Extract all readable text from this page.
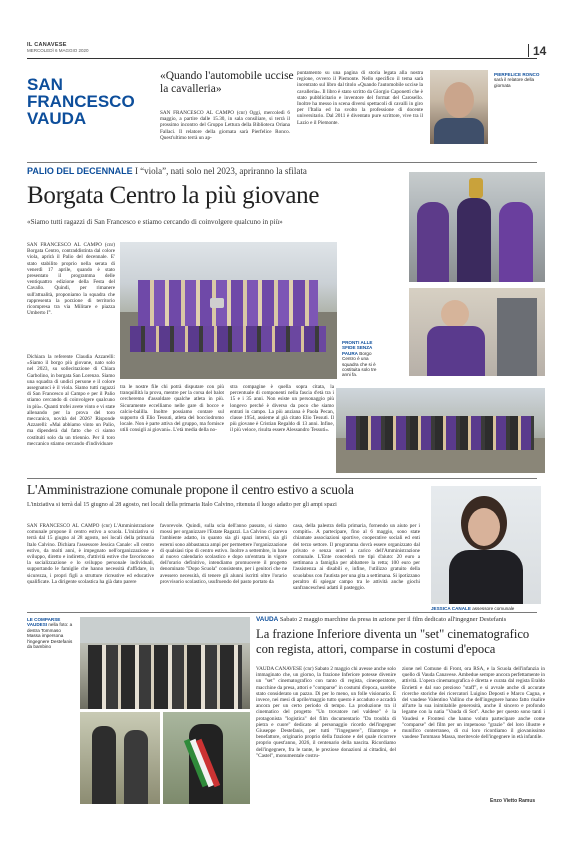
IL CANAVESE
MERCOLEDÌ 6 MAGGIO 2020	14
SAN
FRANCESCO
VAUDA
«Quando l'automobile uccise la cavalleria»
SAN FRANCESCO AL CAMPO (cnr) Oggi, mercoledì 6 maggio, a partire dalle 15.30, in sala consiliare, si terrà il prossimo incontro del Gruppo Lettura della Biblioteca Oriana Fallaci. Il relatore della giornata sarà Pierfelice Ronco. Quest'ultimo terrà un ap-
puntamento su una pagina di storia legata alla nostra regione, ovvero il Piemonte. Nello specifico il tema sarà incentrato sul libro dal titolo «Quando l'automobile uccise la cavalleria». Il libro è stato scritto da Giorgio Caponetti che è stato pubblicitario e inventore del format del Carosello. Inoltre ha messo in scena diversi spettacoli di cavalli in giro per l'Italia ed ha svolto la professione di docente universitario. Dal 2011 è diventato pure scrittore, vive tra il Lazio e il Piemonte.
PIERFELICE RONCO sarà il relatore della giornata
PALIO DEL DECENNALE I “viola”, nati solo nel 2023, apriranno la sfilata
Borgata Centro la più giovane
«Siamo tutti ragazzi di San Francesco e stiamo cercando di coinvolgere qualcuno in più»
SAN FRANCESCO AL CAMPO (cnr) Borgata Centro, contraddistinta dal colore viola, aprirà il Palio del decennale. E' stato stabilito proprio nella serata di venerdì 17 aprile, quando è stato presentato il programma delle ventiquattro edizione della Festa del Cavallo. Quindi, per rimanere sull'attualità, proponiamo la squadra che rappresenta la porzione di territorio ricompresa tra via Militare e piazza Umberto I°.
Dichiara la referente Claudia Azzarelli: «Siamo il borgo più giovane, nato solo nel 2023, su sollecitazione di Chiara Garbolino, in borgata San Lorenzo. Siamo una squadra di undici persone e il colore assegnatoci è il viola. Siamo tutti ragazzi di San Francesco al Campo e per il Palio stiamo cercando di coinvolgere qualcuno in più». Quanti trofei avete vinto e vi state allenando per la prova del toro meccanico, novità del 2026? Risponde Azzarelli: «Mai abbiamo vinto un Palio, ma dipenderà dal fatto che ci siamo costituiti solo da un triennio. Per il toro meccanico stiamo cercando d'individuare
tra le nostre file chi potrà disputare con più tranquillità la prova, mentre per la corsa del balot cercheremo d'assoldare qualche atleta in più. Sicuramente eccelliamo nelle gare di bocce e calcio-balilla. Inoltre possiamo contare sul supporto di Elio Tessuti, atleta del bocciodromo locale. Non è parte attiva del gruppo, ma fornisce utili consigli ai giovani». L'età media della no-
stra compagine è quella sopra citata, la percentuale di componenti nella fascia d'età tra i 15 e i 35 anni. Non esiste un personaggio più longevo perché è diverso da poco che siamo entrati in campo. La più anziana è Paola Pecan, classe 1954, assieme al già citato Elio Tessuti. Il più giovane è Cristian Regaldo di 13 anni. Infine, il più veloce, risulta essere Alessandro Tessuti».
PRONTI ALLE SFIDE SENZA PAURA Borgo Centro è una squadra che si è costituita solo tre anni fa.
L'Amministrazione comunale propone il centro estivo a scuola
L'iniziativa si terrà dal 15 giugno al 28 agosto, nei locali della primaria Italo Calvino, ritenuta il luogo adatto per gli ampi spazi
SAN FRANCESCO AL CAMPO (cnr) L'Amministrazione comunale propone il centro estivo a scuola. L'iniziativa si terrà dal 15 giugno al 28 agosto, nei locali della primaria Italo Calvino. Dichiara l'assessore Jessica Canale: «Il centro estivo, da molti anni, è impegnato nell'organizzazione e sviluppo, diretto e indiretto, d'attività estive che favoriscono la socializzazione e lo sviluppo personale individuali, supportando le famiglie che hanno necessità d'affidare, in sicurezza, i propri figli a strutture ricreative ed educative qualificate. La dirigente scolastica ha già dato parere
favorevole. Quindi, sulla scia dell'anno passato, si siamo mossi per organizzare l'Estate Ragazzi. La Calvino ci pareva l'ambiente adatto, in quanto sia gli spazi interni, sia gli esterni sono abbastanza ampi per permettere l'organizzazione di qualsiasi tipo di centro estivo. Inoltre a settembre, in base al nuovo calendario scolastico e dopo un'entrata in vigore dell'orario definitivo, intendiamo promuovere il progetto denominato "Dopo Scuola" consistente, per i genitori che ne avessero necessità, di tenere gli alunni iscritti oltre l'orario provvisorio scolastico, usufruendo del pasto portato da
casa, della palestra della primaria, fornendo un aiuto per i compiti». A partecipare, fino al 6 maggio, sono state chiamate associazioni sportive, cooperative sociali ed enti del terzo settore. Il programma dovrà essere organizzato dal privato e senza oneri a carico dell'Amministrazione comunale. L'Ente concederà tre tipi d'aiuto: 20 euro a settimana a famiglia per abbattere la retta; 100 euro per l'assistenza ai disabili e, infine, l'utilizzo gratuito della scuolabus con l'autista per una gita a settimana. Si ipotizzano peraltro di spiegar campo tra le attività anche giochi sanfranceschesi adatti il pasteggio.
JESSICA CANALE assessore comunale
LE COMPARSE VAUDESI nella foto: a destra Tommaso Massa impersona l'ingegnere Destefanis da bambino
VAUDA Sabato 2 maggio marchine da presa in azione per il film dedicato all'ingegner Destefanis
La frazione Inferiore diventa un "set" cinematografico con regista, attori, comparse in costumi d'epoca
VAUDA CANAVESE (cnr) Sabato 2 maggio chi avesse anche solo immaginato che, un giorno, la frazione Inferiore potesse divenire un "set" cinematografico con tanto di regista, cineoperatore, macchine da presa, attori e "comparse" in costumi d'epoca, sarebbe stato considerato un pazzo. Di per lo meno, un folle visionario. E invece, nei mesi di aprile/maggio tutto questo è accaduto e accadrà ancora per un certo periodo di tempo. La produzione tra il cinematico del progetto "Un trovatore nel valdese" è la protagonista "logistica" del film documentario "Da troubla di pietra e cuore" dedicato al personaggio ricordo dell'ingegner Giuseppe Destefanis, per tutti "l'ingegnere", filantropo e benefattore, originario proprio della frazione e del quale ricorrere proprio quest'anno, 2026, il centenario della nascita. Ricordiamo dell'ingegnere, fra le tante, le preziose donazioni ai cittadini, del "Castel", monumentale costru-
zione nel Comune di Front, ora RSA, e la Scuola dell'infanzia in quello di Vauda Canavese. Ambedue sempre ancora perfettamente in attività. L'opera cinematografica è diretta e curata dal regista Eraldo Enrietti e dal suo prezioso "staff", e si avvale anche di accurate ricerche storiche dei ricercatori Luigino Deposti e Marco Cagna, e del vaudese Valentino Vallino che dell'ingegnere hanno fatto risalire all'arte la sua inimitabile generosità, anche il sincero e profondo legame con la natia "Vauda di Sot". Anche per questo sono tanti i Vaudesi e Frontesi che hanno voluto partecipare anche come "comparse" del film per un impetuoso "grazie" del loro illustre e munifico conterraneo, di cui loro ricordiamo il giovanissimo vaudese Tommaso Massa, meritevole dell'ingegnere in età infantile.
Enzo Vietto Ramus
